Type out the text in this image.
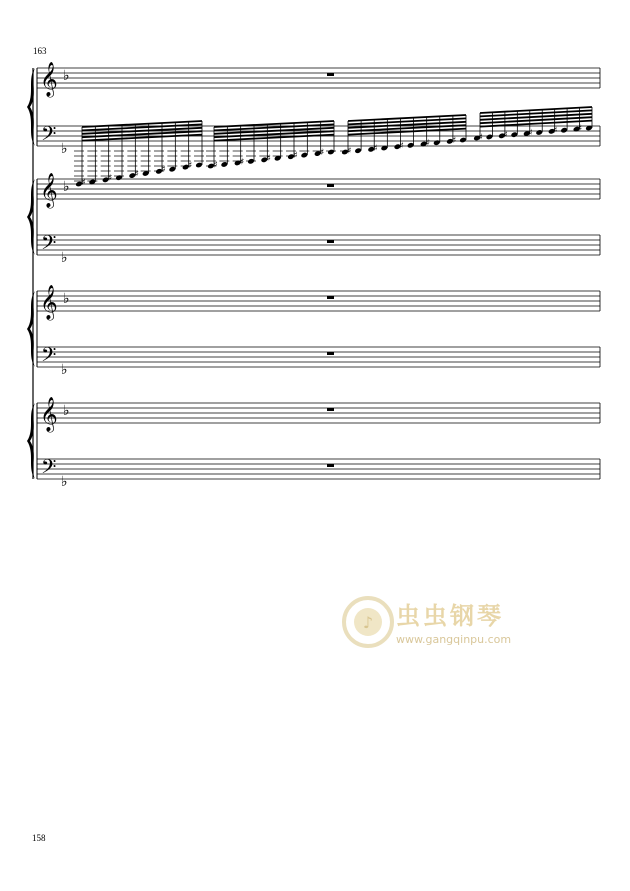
163
158
𝄞 ♭
𝄢 ♭
𝄞 ♭
𝄢 ♭
𝄞 ♭
𝄢 ♭
𝄞 ♭
𝄢 ♭
♯ ♯ ♯ ♯ ♯ ♯ ♯ ♯ ♯ ♯	♯ ♯ ♯ ♯ ♯ ♯ ♯ ♯ ♯ ♯
♪ 虫虫钢琴
www.gangqinpu.com
